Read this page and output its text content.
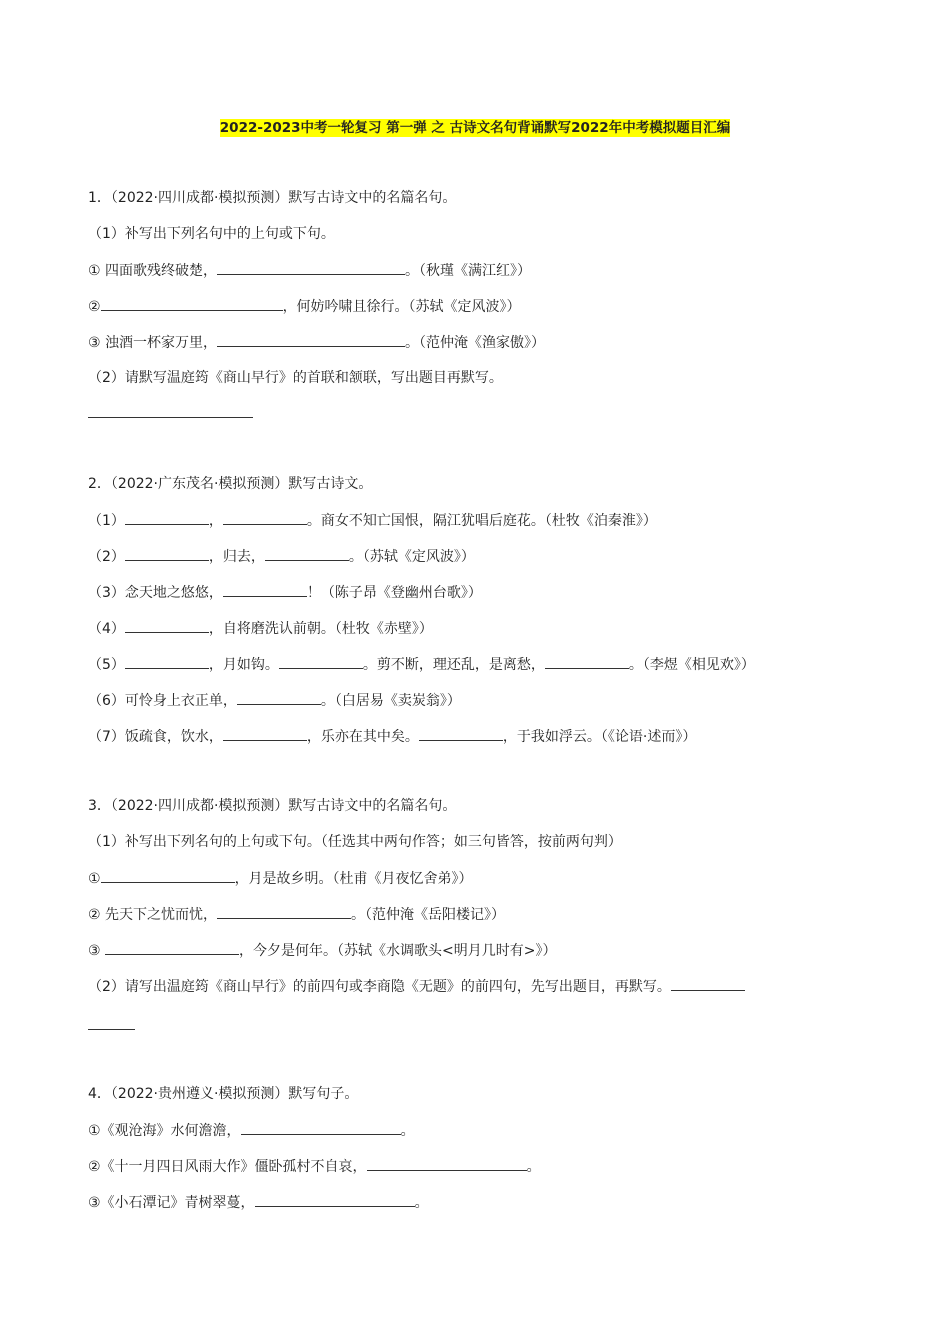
2022-2023中考一轮复习 第一弹 之 古诗文名句背诵默写2022年中考模拟题目汇编
1．（2022·四川成都·模拟预测）默写古诗文中的名篇名句。
（1）补写出下列名句中的上句或下句。
① 四面歌残终破楚，	。（秋瑾《满江红》）
②	，何妨吟啸且徐行。（苏轼《定风波》）
③ 浊酒一杯家万里，	。（范仲淹《渔家傲》）
（2）请默写温庭筠《商山早行》的首联和颔联，写出题目再默写。
2．（2022·广东茂名·模拟预测）默写古诗文。
（1）	，	。商女不知亡国恨，隔江犹唱后庭花。（杜牧《泊秦淮》）
（2）	，归去，	。（苏轼《定风波》）
（3）念天地之悠悠，	！（陈子昂《登幽州台歌》）
（4）	，自将磨洗认前朝。（杜牧《赤壁》）
（5）	，月如钩。	。剪不断，理还乱，是离愁，	。（李煜《相见欢》）
（6）可怜身上衣正单，	。（白居易《卖炭翁》）
（7）饭疏食，饮水，	，乐亦在其中矣。	，于我如浮云。（《论语·述而》）
3．（2022·四川成都·模拟预测）默写古诗文中的名篇名句。
（1）补写出下列名句的上句或下句。（任选其中两句作答；如三句皆答，按前两句判）
①	，月是故乡明。（杜甫《月夜忆舍弟》）
② 先天下之忧而忧，	。（范仲淹《岳阳楼记》）
③	，今夕是何年。（苏轼《水调歌头<明月几时有>》）
（2）请写出温庭筠《商山早行》的前四句或李商隐《无题》的前四句，先写出题目，再默写。
4．（2022·贵州遵义·模拟预测）默写句子。
①《观沧海》水何澹澹，	。
②《十一月四日风雨大作》僵卧孤村不自哀，	。
③《小石潭记》青树翠蔓，	。
